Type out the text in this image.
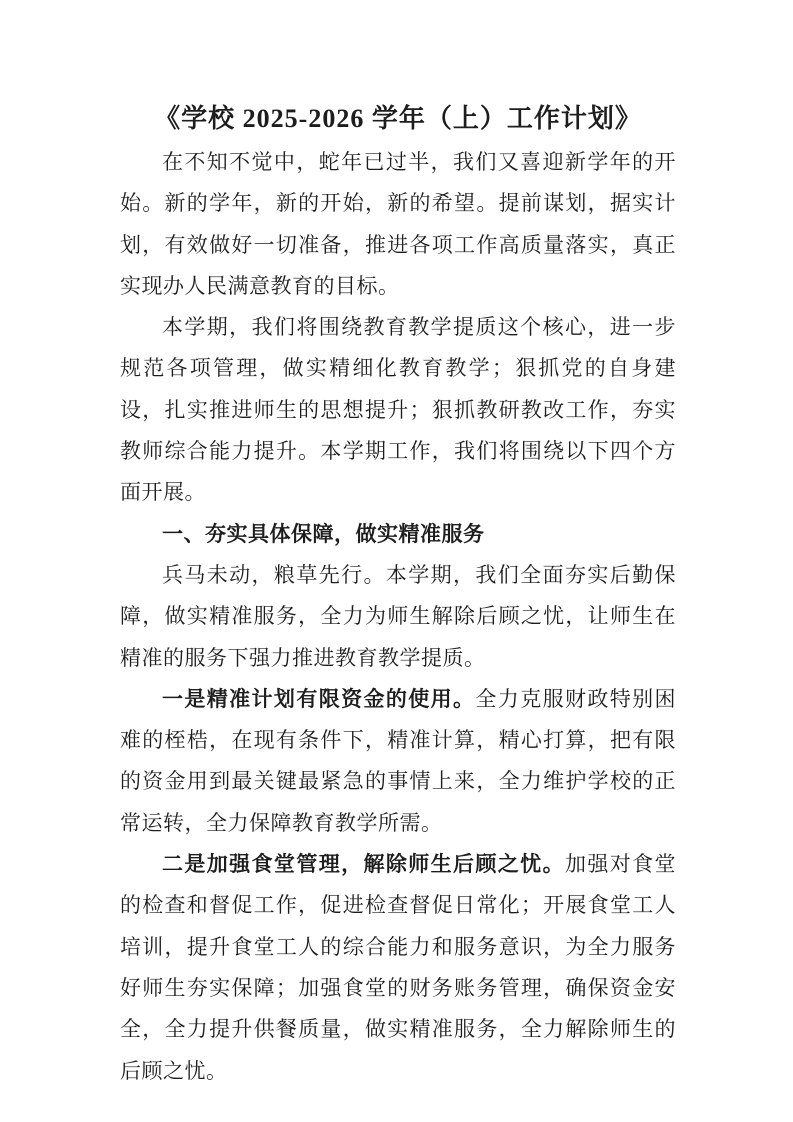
《学校 2025-2026 学年（上）工作计划》

在不知不觉中，蛇年已过半，我们又喜迎新学年的开始。新的学年，新的开始，新的希望。提前谋划，据实计划，有效做好一切准备，推进各项工作高质量落实，真正实现办人民满意教育的目标。

本学期，我们将围绕教育教学提质这个核心，进一步规范各项管理，做实精细化教育教学；狠抓党的自身建设，扎实推进师生的思想提升；狠抓教研教改工作，夯实教师综合能力提升。本学期工作，我们将围绕以下四个方面开展。

一、夯实具体保障，做实精准服务

兵马未动，粮草先行。本学期，我们全面夯实后勤保障，做实精准服务，全力为师生解除后顾之忧，让师生在精准的服务下强力推进教育教学提质。

一是精准计划有限资金的使用。全力克服财政特别困难的桎梏，在现有条件下，精准计算，精心打算，把有限的资金用到最关键最紧急的事情上来，全力维护学校的正常运转，全力保障教育教学所需。

二是加强食堂管理，解除师生后顾之忧。加强对食堂的检查和督促工作，促进检查督促日常化；开展食堂工人培训，提升食堂工人的综合能力和服务意识，为全力服务好师生夯实保障；加强食堂的财务账务管理，确保资金安全，全力提升供餐质量，做实精准服务，全力解除师生的后顾之忧。
